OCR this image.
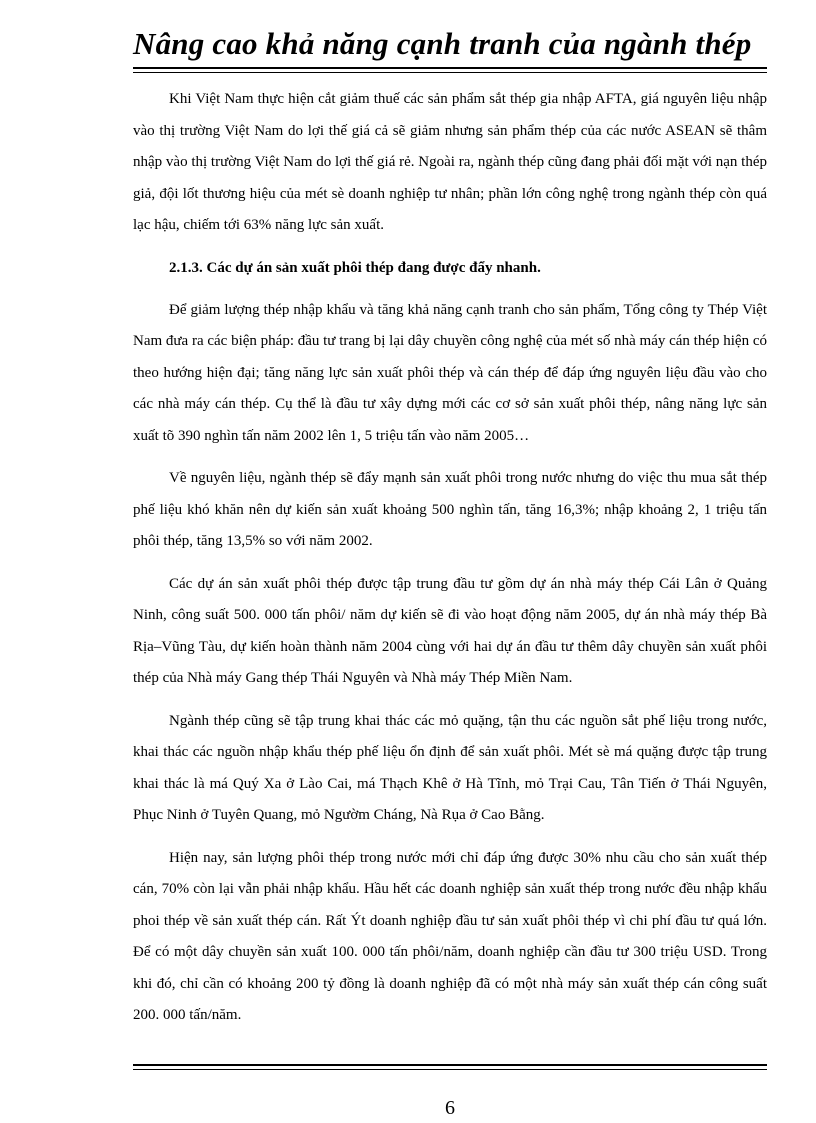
Nâng cao khả năng cạnh tranh của ngành thép

Khi Việt Nam thực hiện cắt giảm thuế các sản phẩm sắt thép gia nhập AFTA, giá nguyên liệu nhập vào thị trường Việt Nam do lợi thế giá cả sẽ giảm nhưng sản phẩm thép của các nước ASEAN sẽ thâm nhập vào thị trường Việt Nam do lợi thế giá rẻ. Ngoài ra, ngành thép cũng đang phải đối mặt với nạn thép giả, đội lốt thương hiệu của mét sè doanh nghiệp tư nhân; phần lớn công nghệ trong ngành thép còn quá lạc hậu, chiếm tới 63% năng lực sản xuất.

2.1.3. Các dự án sản xuất phôi thép đang được đẩy nhanh.

Để giảm lượng thép nhập khẩu và tăng khả năng cạnh tranh cho sản phẩm, Tổng công ty Thép Việt Nam đưa ra các biện pháp: đầu tư trang bị lại dây chuyền công nghệ của mét số nhà máy cán thép hiện có theo hướng hiện đại; tăng năng lực sản xuất phôi thép và cán thép để đáp ứng nguyên liệu đầu vào cho các nhà máy cán thép. Cụ thể là đầu tư xây dựng mới các cơ sở sản xuất phôi thép, nâng năng lực sản xuất tõ 390 nghìn tấn năm 2002 lên 1, 5 triệu tấn vào năm 2005…

Về nguyên liệu, ngành thép sẽ đẩy mạnh sản xuất phôi trong nước nhưng do việc thu mua sắt thép phế liệu khó khăn nên dự kiến sản xuất khoảng 500 nghìn tấn, tăng 16,3%; nhập khoảng 2, 1 triệu tấn phôi thép, tăng 13,5% so với năm 2002.

Các dự án sản xuất phôi thép được tập trung đầu tư gồm dự án nhà máy thép Cái Lân ở Quảng Ninh, công suất 500. 000 tấn phôi/ năm dự kiến sẽ đi vào hoạt động năm 2005, dự án nhà máy thép Bà Rịa–Vũng Tàu, dự kiến hoàn thành năm 2004 cùng với hai dự án đầu tư thêm dây chuyền sản xuất phôi thép của Nhà máy Gang thép Thái Nguyên và Nhà máy Thép Miền Nam.

Ngành thép cũng sẽ tập trung khai thác các mỏ quặng, tận thu các nguồn sắt phế liệu trong nước, khai thác các nguồn nhập khẩu thép phế liệu ổn định để sản xuất phôi. Mét sè má quặng được tập trung khai thác là má Quý Xa ở Lào Cai, má Thạch Khê ở Hà Tĩnh, mỏ Trại Cau, Tân Tiến ở Thái Nguyên, Phục Ninh ở Tuyên Quang, mỏ Ngườm Cháng, Nà Rụa ở Cao Bằng.

Hiện nay, sản lượng phôi thép trong nước mới chỉ đáp ứng được 30% nhu cầu cho sản xuất thép cán, 70% còn lại vẫn phải nhập khẩu. Hầu hết các doanh nghiệp sản xuất thép trong nước đều nhập khẩu phoi thép về sản xuất thép cán. Rất Ýt doanh nghiệp đầu tư sản xuất phôi thép vì chi phí đầu tư quá lớn. Để có một dây chuyền sản xuất 100. 000 tấn phôi/năm, doanh nghiệp cần đầu tư 300 triệu USD. Trong khi đó, chỉ cần có khoảng 200 tỷ đồng là doanh nghiệp đã có một nhà máy sản xuất thép cán công suất 200. 000 tấn/năm.

6
